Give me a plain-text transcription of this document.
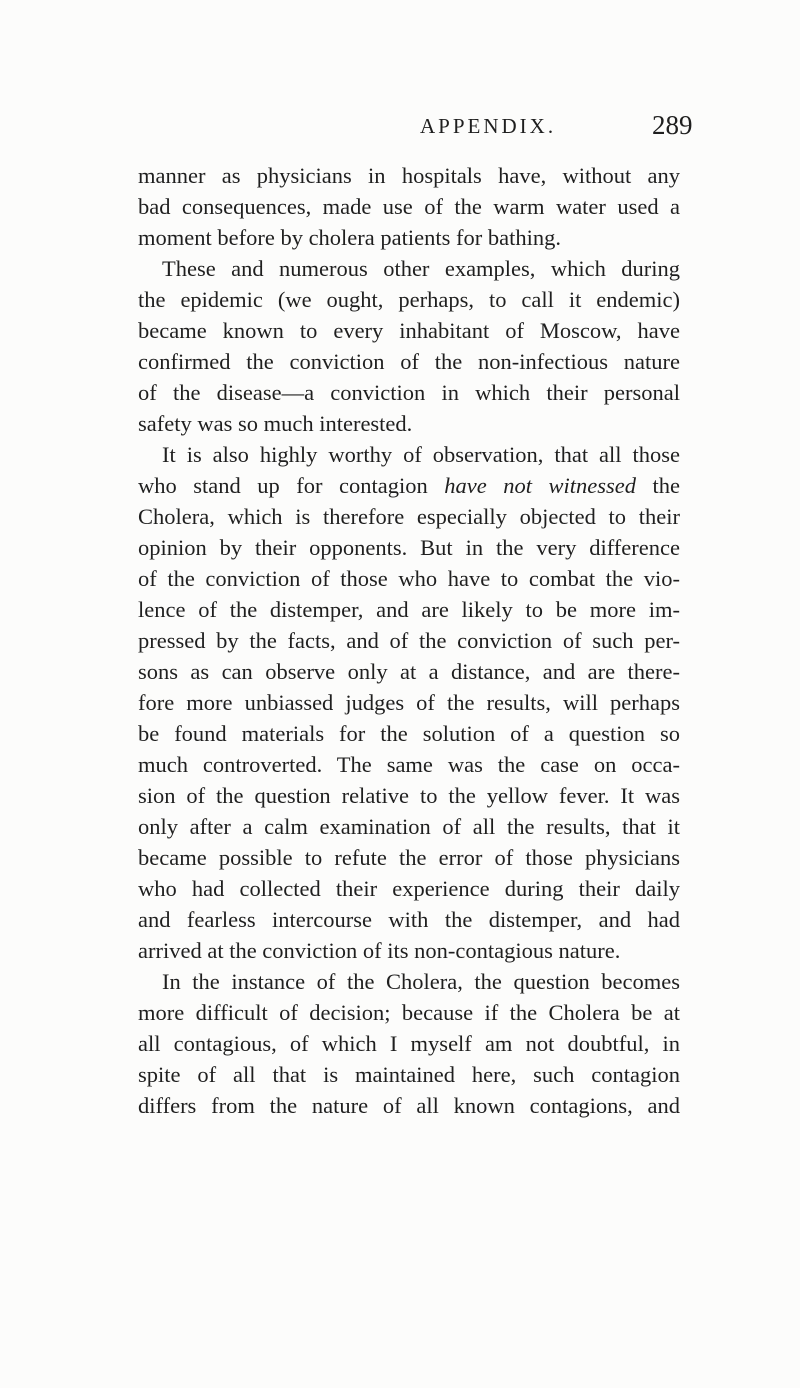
APPENDIX.	289
manner as physicians in hospitals have, without any
bad consequences, made use of the warm water used a
moment before by cholera patients for bathing.
These and numerous other examples, which during
the epidemic (we ought, perhaps, to call it endemic)
became known to every inhabitant of Moscow, have
confirmed the conviction of the non-infectious nature
of the disease—a conviction in which their personal
safety was so much interested.
It is also highly worthy of observation, that all those
who stand up for contagion have not witnessed the
Cholera, which is therefore especially objected to their
opinion by their opponents. But in the very difference
of the conviction of those who have to combat the vio-
lence of the distemper, and are likely to be more im-
pressed by the facts, and of the conviction of such per-
sons as can observe only at a distance, and are there-
fore more unbiassed judges of the results, will perhaps
be found materials for the solution of a question so
much controverted. The same was the case on occa-
sion of the question relative to the yellow fever. It was
only after a calm examination of all the results, that it
became possible to refute the error of those physicians
who had collected their experience during their daily
and fearless intercourse with the distemper, and had
arrived at the conviction of its non-contagious nature.
In the instance of the Cholera, the question becomes
more difficult of decision; because if the Cholera be at
all contagious, of which I myself am not doubtful, in
spite of all that is maintained here, such contagion
differs from the nature of all known contagions, and
